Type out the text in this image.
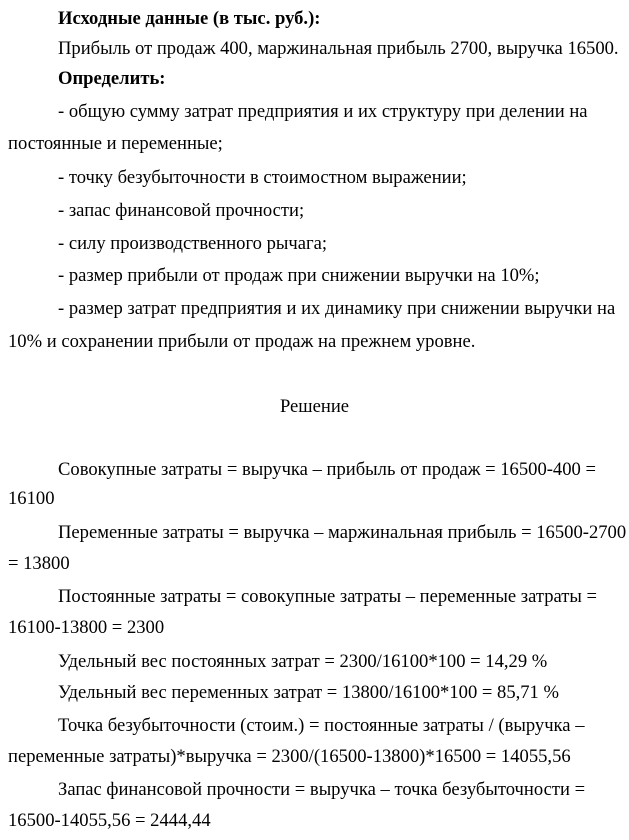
Исходные данные (в тыс. руб.):
Прибыль от продаж 400, маржинальная прибыль 2700, выручка 16500.
Определить:
- общую сумму затрат предприятия и их структуру при делении на
постоянные и переменные;
- точку безубыточности в стоимостном выражении;
- запас финансовой прочности;
- силу производственного рычага;
- размер прибыли от продаж при снижении выручки на 10%;
- размер затрат предприятия и их динамику при снижении выручки на
10% и сохранении прибыли от продаж на прежнем уровне.
Решение
Совокупные затраты = выручка – прибыль от продаж = 16500-400 =
16100
Переменные затраты = выручка – маржинальная прибыль = 16500-2700
= 13800
Постоянные затраты = совокупные затраты – переменные затраты =
16100-13800 = 2300
Удельный вес постоянных затрат = 2300/16100*100 = 14,29 %
Удельный вес переменных затрат = 13800/16100*100 = 85,71 %
Точка безубыточности (стоим.) = постоянные затраты / (выручка –
переменные затраты)*выручка = 2300/(16500-13800)*16500 = 14055,56
Запас финансовой прочности = выручка – точка безубыточности =
16500-14055,56 = 2444,44
